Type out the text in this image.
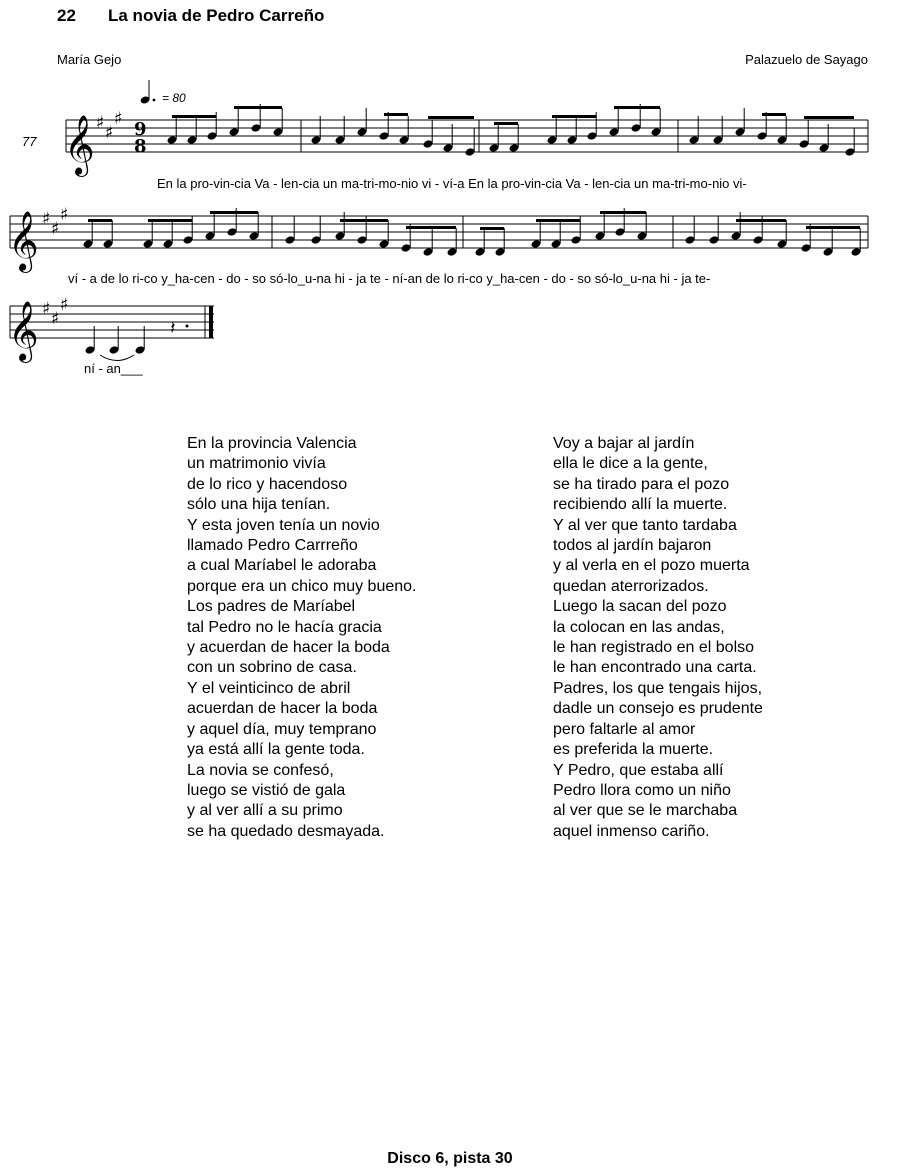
22 La novia de Pedro Carreño
María Gejo	Palazuelo de Sayago
𝄞
𝄞
𝄞
♯ ♯
♯
♯ ♯
♯
♯ ♯
♯
9
8
𝄽
= 80
77
En la pro-vin-cia Va - len-cia un ma-tri-mo-nio vi - ví-a En la pro-vin-cia Va - len-cia un ma-tri-mo-nio vi-
ví - a de lo ri-co y_ha-cen - do - so só-lo_u-na hi - ja te - ní-an de lo ri-co y_ha-cen - do - so só-lo_u-na hi - ja te-
ní - an___
En la provincia Valencia
un matrimonio vivía
de lo rico y hacendoso
sólo una hija tenían.
Y esta joven tenía un novio
llamado Pedro Carrreño
a cual Maríabel le adoraba
porque era un chico muy bueno.
Los padres de Maríabel
tal Pedro no le hacía gracia
y acuerdan de hacer la boda
con un sobrino de casa.
Y el veinticinco de abril
acuerdan de hacer la boda
y aquel día, muy temprano
ya está allí la gente toda.
La novia se confesó,
luego se vistió de gala
y al ver allí a su primo
se ha quedado desmayada.
Voy a bajar al jardín
ella le dice a la gente,
se ha tirado para el pozo
recibiendo allí la muerte.
Y al ver que tanto tardaba
todos al jardín bajaron
y al verla en el pozo muerta
quedan aterrorizados.
Luego la sacan del pozo
la colocan en las andas,
le han registrado en el bolso
le han encontrado una carta.
Padres, los que tengais hijos,
dadle un consejo es prudente
pero faltarle al amor
es preferida la muerte.
Y Pedro, que estaba allí
Pedro llora como un niño
al ver que se le marchaba
aquel inmenso cariño.
Disco 6, pista 30
